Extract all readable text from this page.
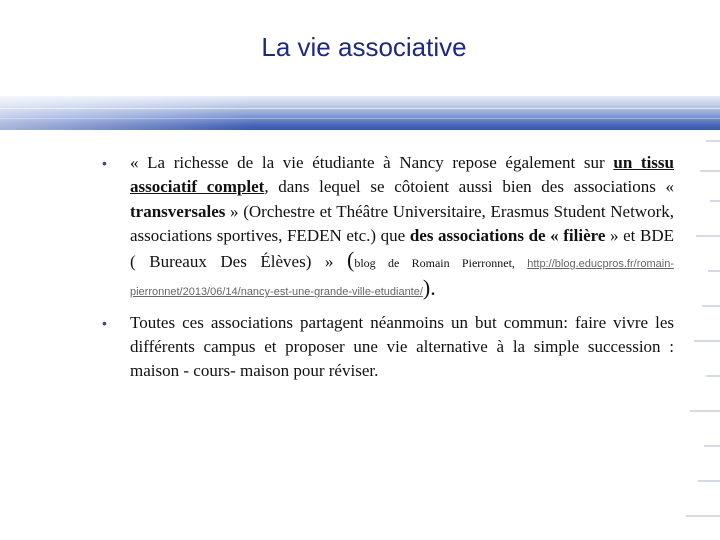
La vie associative
• « La richesse de la vie étudiante à Nancy repose également sur un tissu associatif complet, dans lequel se côtoient aussi bien des associations « transversales » (Orchestre et Théâtre Universitaire, Erasmus Student Network, associations sportives, FEDEN etc.) que des associations de « filière » et BDE ( Bureaux Des Élèves) » (blog de Romain Pierronnet, http://blog.educpros.fr/romain-pierronnet/2013/06/14/nancy-est-une-grande-ville-etudiante/).
• Toutes ces associations partagent néanmoins un but commun: faire vivre les différents campus et proposer une vie alternative à la simple succession : maison - cours- maison pour réviser.
